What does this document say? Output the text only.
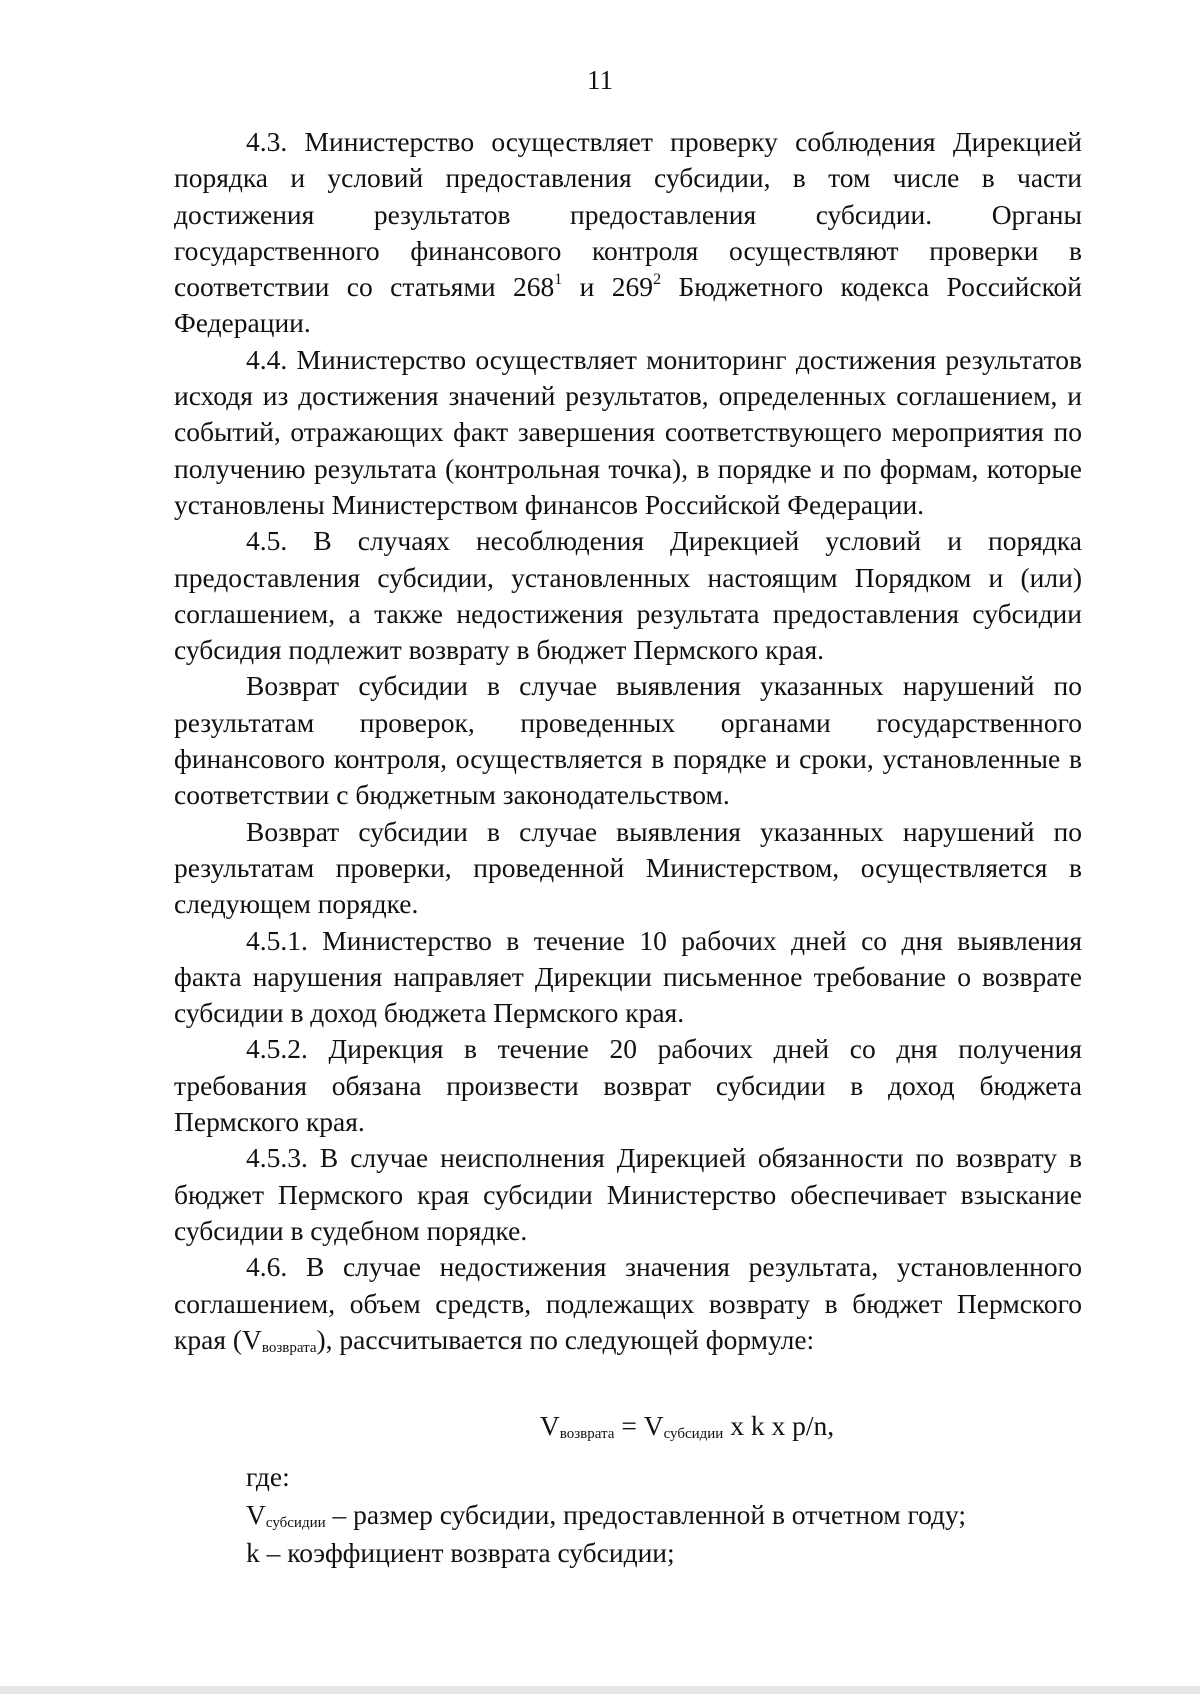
11

4.3. Министерство осуществляет проверку соблюдения Дирекцией порядка и условий предоставления субсидии, в том числе в части достижения результатов предоставления субсидии. Органы государственного финансового контроля осуществляют проверки в соответствии со статьями $268^1$ и $269^2$ Бюджетного кодекса Российской Федерации.

4.4. Министерство осуществляет мониторинг достижения результатов исходя из достижения значений результатов, определенных соглашением, и событий, отражающих факт завершения соответствующего мероприятия по получению результата (контрольная точка), в порядке и по формам, которые установлены Министерством финансов Российской Федерации.

4.5. В случаях несоблюдения Дирекцией условий и порядка предоставления субсидии, установленных настоящим Порядком и (или) соглашением, а также недостижения результата предоставления субсидии субсидия подлежит возврату в бюджет Пермского края.

Возврат субсидии в случае выявления указанных нарушений по результатам проверок, проведенных органами государственного финансового контроля, осуществляется в порядке и сроки, установленные в соответствии с бюджетным законодательством.

Возврат субсидии в случае выявления указанных нарушений по результатам проверки, проведенной Министерством, осуществляется в следующем порядке.

4.5.1. Министерство в течение 10 рабочих дней со дня выявления факта нарушения направляет Дирекции письменное требование о возврате субсидии в доход бюджета Пермского края.

4.5.2. Дирекция в течение 20 рабочих дней со дня получения требования обязана произвести возврат субсидии в доход бюджета Пермского края.

4.5.3. В случае неисполнения Дирекцией обязанности по возврату в бюджет Пермского края субсидии Министерство обеспечивает взыскание субсидии в судебном порядке.

4.6. В случае недостижения значения результата, установленного соглашением, объем средств, подлежащих возврату в бюджет Пермского края $(V_{возврата})$, рассчитывается по следующей формуле:

$V_{возврата} = V_{субсидии}$ x k x p/n,

где:

$V_{субсидии}$ – размер субсидии, предоставленной в отчетном году;

k – коэффициент возврата субсидии;
